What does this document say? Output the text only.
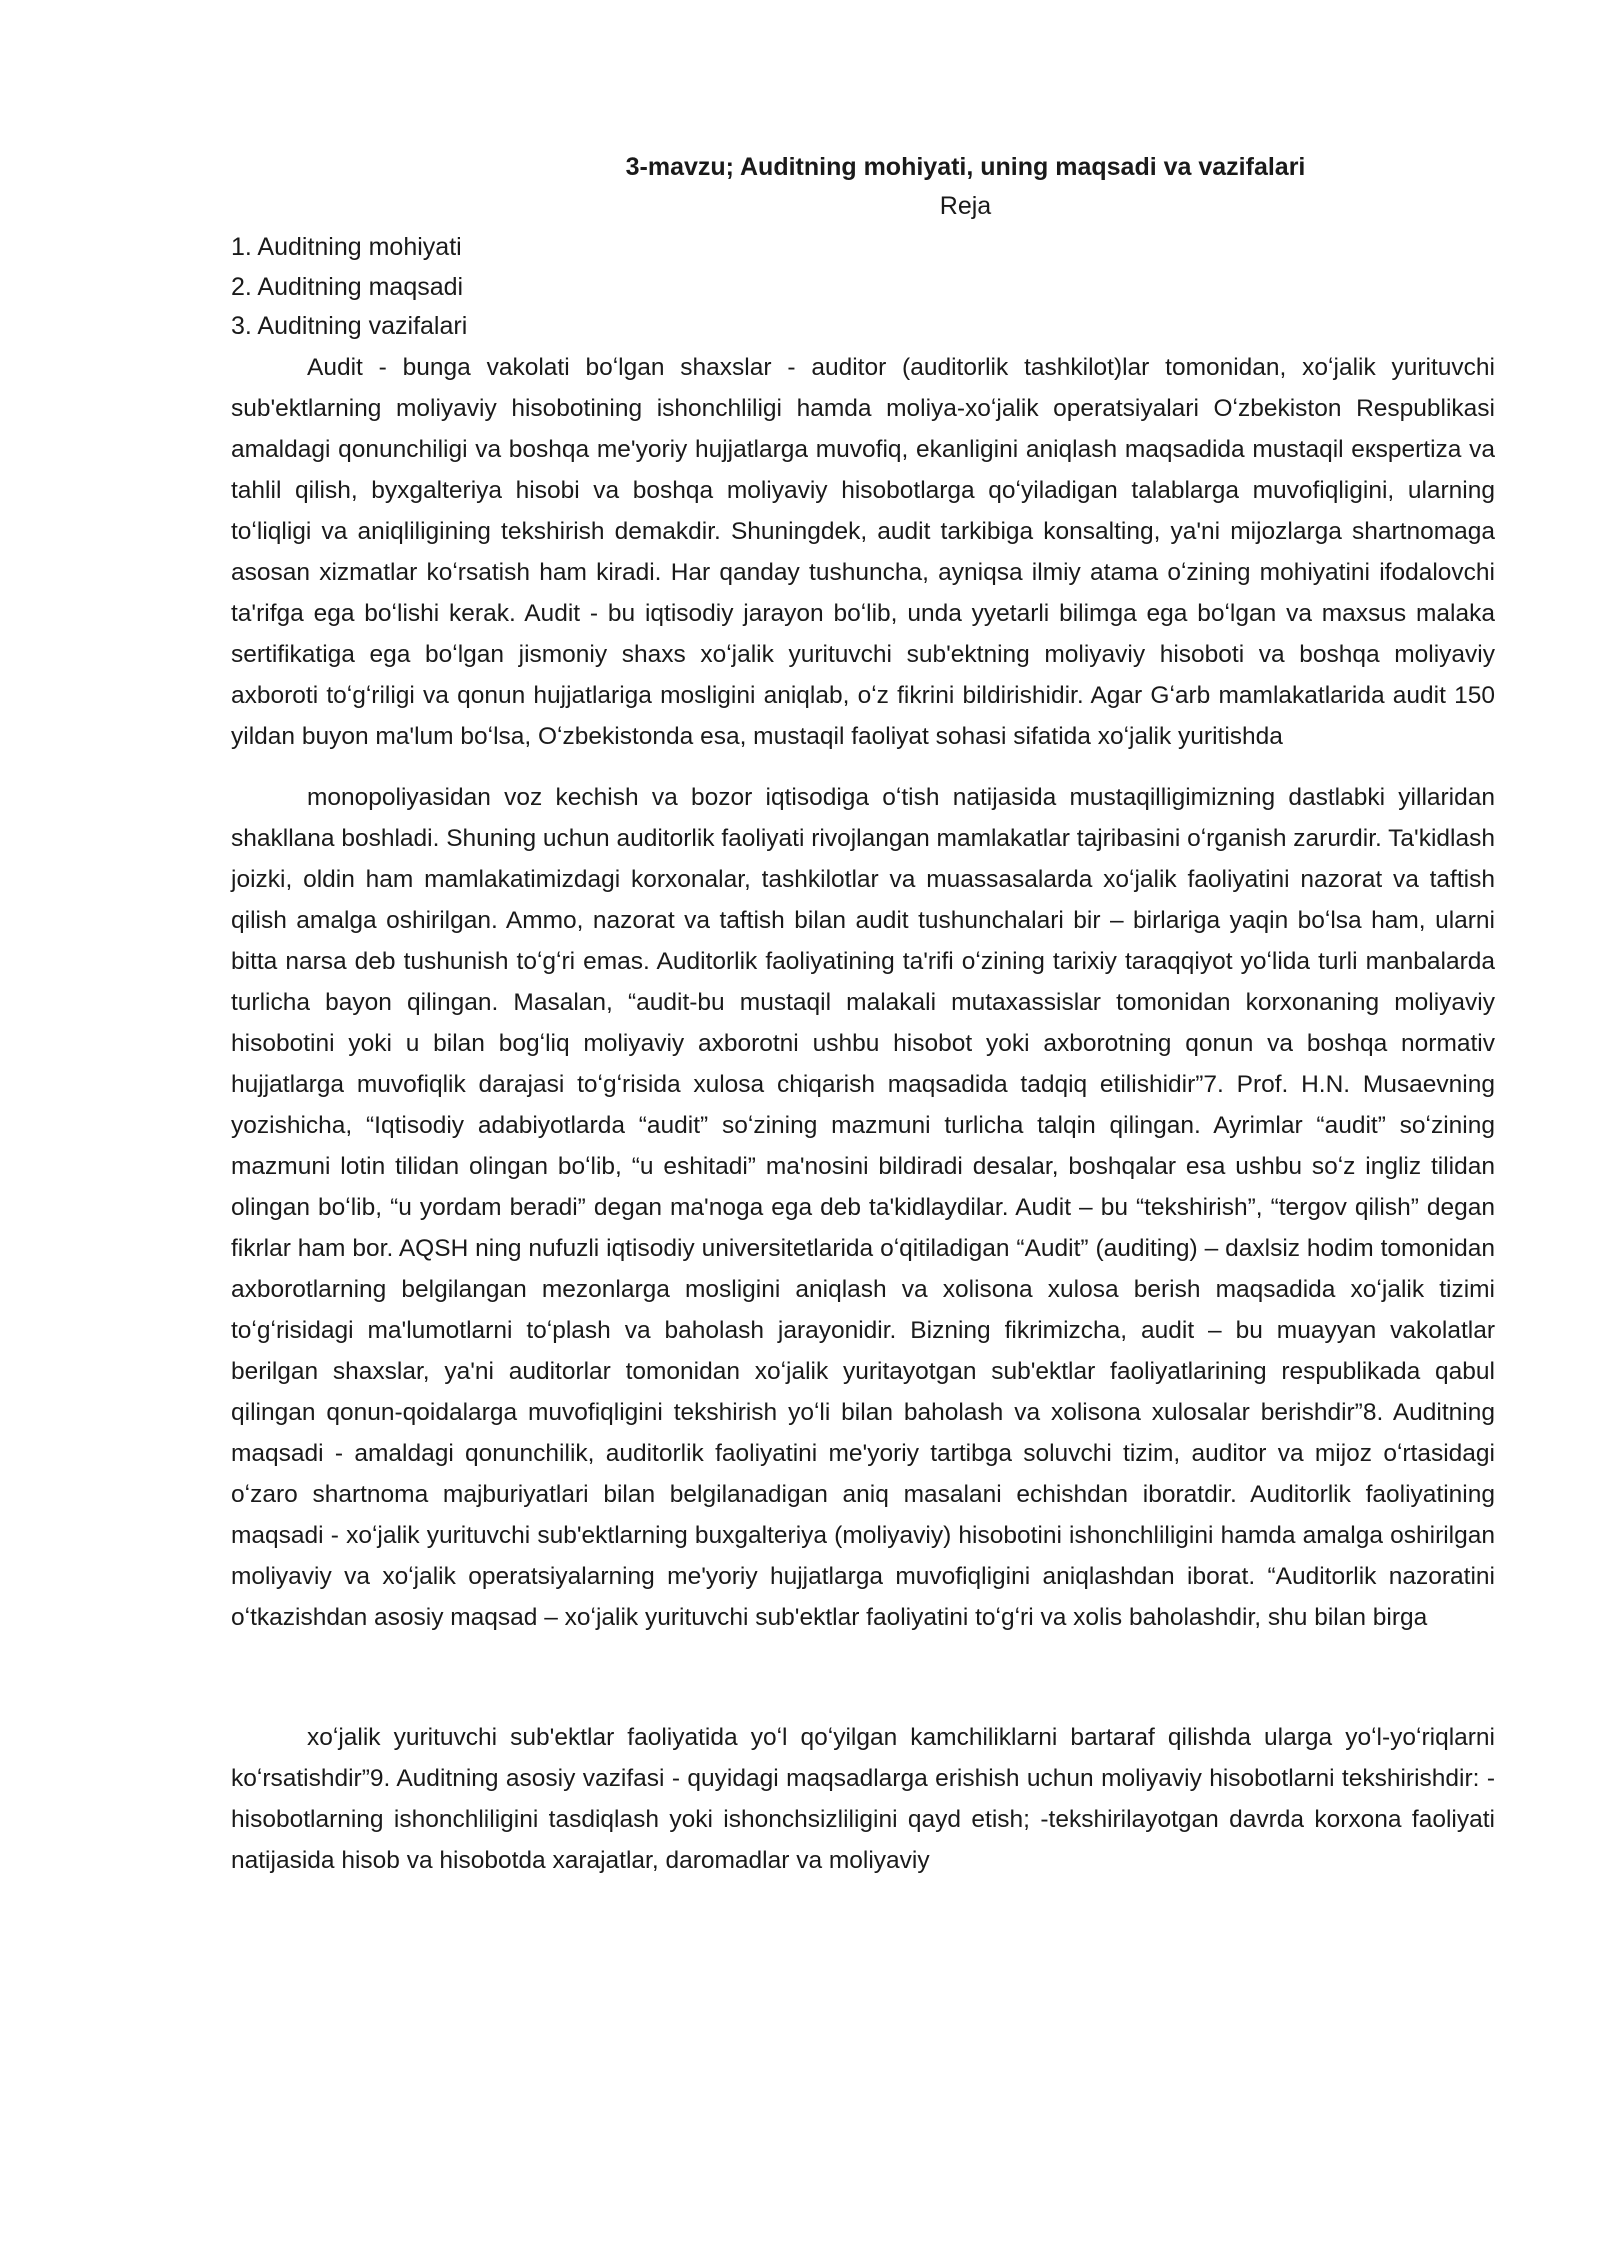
3-mavzu; Auditning mohiyati, uning maqsadi va vazifalari
Reja
1. Auditning mohiyati
2. Auditning maqsadi
3. Auditning vazifalari

Audit - bunga vakolati boʻlgan shaxslar - auditor (auditorlik tashkilot)lar tomonidan, xoʻjalik yurituvchi sub'ektlarning moliyaviy hisobotining ishonchliligi hamda moliya-xoʻjalik operatsiyalari Oʻzbekiston Respublikasi amaldagi qonunchiligi va boshqa me'yoriy hujjatlarga muvofiq, ekanligini aniqlash maqsadida mustaqil екspertiza va tahlil qilish, byxgalteriya hisobi va boshqa moliyaviy hisobotlarga qoʻyiladigan talablarga muvofiqligini, ularning toʻliqligi va aniqliligining tekshirish demakdir. Shuningdek, audit tarkibiga konsalting, ya'ni mijozlarga shartnomaga asosan xizmatlar koʻrsatish ham kiradi. Har qanday tushuncha, ayniqsa ilmiy atama oʻzining mohiyatini ifodalovchi ta'rifga ega boʻlishi kerak. Audit - bu iqtisodiy jarayon boʻlib, unda yyetarli bilimga ega boʻlgan va maxsus malaka sertifikatiga ega boʻlgan jismoniy shaxs xoʻjalik yurituvchi sub'ektning moliyaviy hisoboti va boshqa moliyaviy axboroti toʻgʻriligi va qonun hujjatlariga mosligini aniqlab, oʻz fikrini bildirishidir. Agar Gʻarb mamlakatlarida audit 150 yildan buyon ma'lum boʻlsa, Oʻzbekistonda esa, mustaqil faoliyat sohasi sifatida xoʻjalik yuritishda

monopoliyasidan voz kechish va bozor iqtisodiga oʻtish natijasida mustaqilligimizning dastlabki yillaridan shakllana boshladi. Shuning uchun auditorlik faoliyati rivojlangan mamlakatlar tajribasini oʻrganish zarurdir. Ta'kidlash joizki, oldin ham mamlakatimizdagi korxonalar, tashkilotlar va muassasalarda xoʻjalik faoliyatini nazorat va taftish qilish amalga oshirilgan. Ammo, nazorat va taftish bilan audit tushunchalari bir – birlariga yaqin boʻlsa ham, ularni bitta narsa deb tushunish toʻgʻri emas. Auditorlik faoliyatining ta'rifi oʻzining tarixiy taraqqiyot yoʻlida turli manbalarda turlicha bayon qilingan. Masalan, “audit-bu mustaqil malakali mutaxassislar tomonidan korxonaning moliyaviy hisobotini yoki u bilan bogʻliq moliyaviy axborotni ushbu hisobot yoki axborotning qonun va boshqa normativ hujjatlarga muvofiqlik darajasi toʻgʻrisida xulosa chiqarish maqsadida tadqiq etilishidir”7. Prof. H.N. Musaevning yozishicha, “Iqtisodiy adabiyotlarda “audit” soʻzining mazmuni turlicha talqin qilingan. Ayrimlar “audit” soʻzining mazmuni lotin tilidan olingan boʻlib, “u eshitadi” ma'nosini bildiradi desalar, boshqalar esa ushbu soʻz ingliz tilidan olingan boʻlib, “u yordam beradi” degan ma'noga ega deb ta'kidlaydilar. Audit – bu “tekshirish”, “tergov qilish” degan fikrlar ham bor. AQSH ning nufuzli iqtisodiy universitetlarida oʻqitiladigan “Audit” (auditing) – daxlsiz hodim tomonidan axborotlarning belgilangan mezonlarga mosligini aniqlash va xolisona xulosa berish maqsadida xoʻjalik tizimi toʻgʻrisidagi ma'lumotlarni toʻplash va baholash jarayonidir. Bizning fikrimizcha, audit – bu muayyan vakolatlar berilgan shaxslar, ya'ni auditorlar tomonidan xoʻjalik yuritayotgan sub'ektlar faoliyatlarining respublikada qabul qilingan qonun-qoidalarga muvofiqligini tekshirish yoʻli bilan baholash va xolisona xulosalar berishdir”8. Auditning maqsadi - amaldagi qonunchilik, auditorlik faoliyatini me'yoriy tartibga soluvchi tizim, auditor va mijoz oʻrtasidagi oʻzaro shartnoma majburiyatlari bilan belgilanadigan aniq masalani echishdan iboratdir. Auditorlik faoliyatining maqsadi - xoʻjalik yurituvchi sub'ektlarning buxgalteriya (moliyaviy) hisobotini ishonchliligini hamda amalga oshirilgan moliyaviy va xoʻjalik operatsiyalarning me'yoriy hujjatlarga muvofiqligini aniqlashdan iborat. “Auditorlik nazoratini oʻtkazishdan asosiy maqsad – xoʻjalik yurituvchi sub'ektlar faoliyatini toʻgʻri va xolis baholashdir, shu bilan birga

xoʻjalik yurituvchi sub'ektlar faoliyatida yoʻl qoʻyilgan kamchiliklarni bartaraf qilishda ularga yoʻl-yoʻriqlarni koʻrsatishdir”9. Auditning asosiy vazifasi - quyidagi maqsadlarga erishish uchun moliyaviy hisobotlarni tekshirishdir: -hisobotlarning ishonchliligini tasdiqlash yoki ishonchsizliligini qayd etish; -tekshirilayotgan davrda korxona faoliyati natijasida hisob va hisobotda xarajatlar, daromadlar va moliyaviy
